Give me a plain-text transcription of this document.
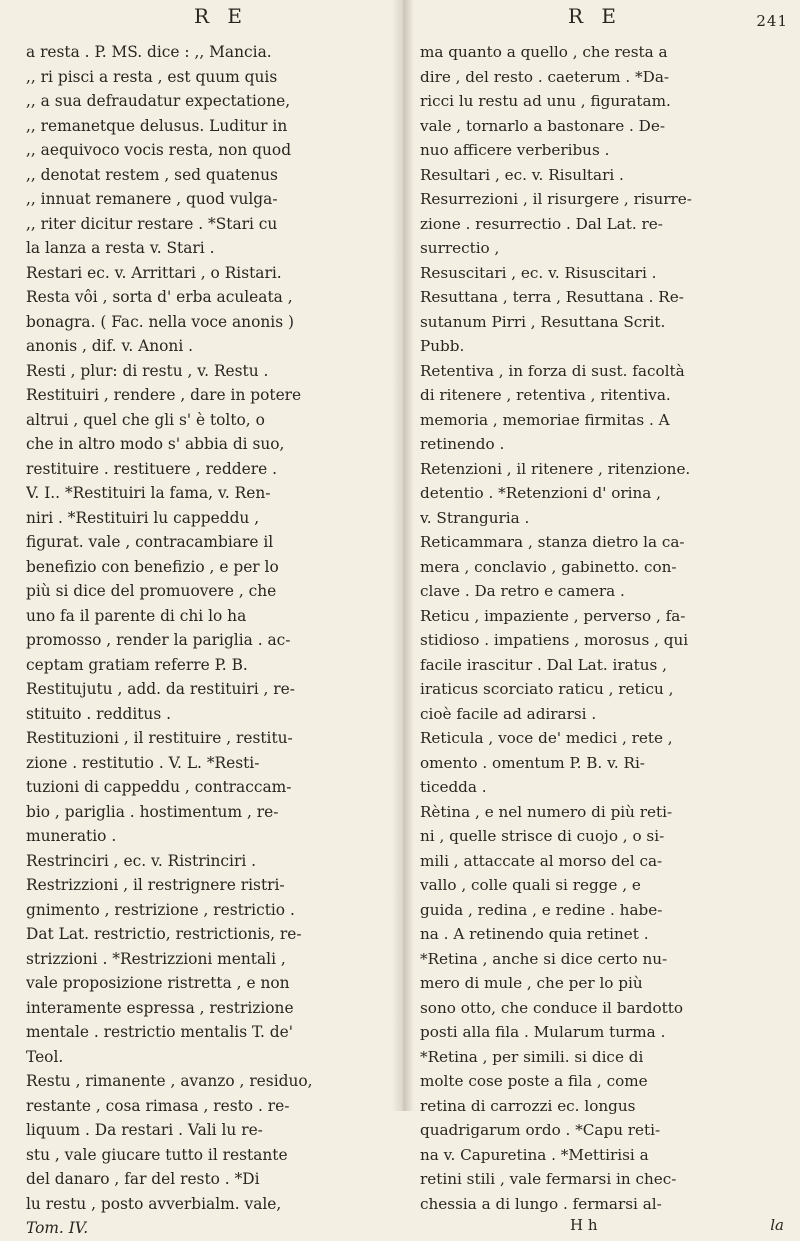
R E
a resta . P. MS. dice : ,, Mancia.
,, ri pisci a resta , est quum quis
,, a sua defraudatur expectatione,
,, remanetque delusus. Luditur in
,, aequivoco vocis resta, non quod
,, denotat restem , sed quatenus
,, innuat remanere , quod vulga-
,, riter dicitur restare . *Stari cu
la lanza a resta v. Stari .
Restari ec. v. Arrittari , o Ristari.
Resta vôi , sorta d' erba aculeata ,
bonagra. ( Fac. nella voce anonis )
anonis , dif. v. Anoni .
Resti , plur: di restu , v. Restu .
Restituiri , rendere , dare in potere
altrui , quel che gli s' è tolto, o
che in altro modo s' abbia di suo,
restituire . restituere , reddere .
V. I.. *Restituiri la fama, v. Ren-
niri . *Restituiri lu cappeddu ,
figurat. vale , contracambiare il
benefizio con benefizio , e per lo
più si dice del promuovere , che
uno fa il parente di chi lo ha
promosso , render la pariglia . ac-
ceptam gratiam referre P. B.
Restitujutu , add. da restituiri , re-
stituito . redditus .
Restituzioni , il restituire , restitu-
zione . restitutio . V. L. *Resti-
tuzioni di cappeddu , contraccam-
bio , pariglia . hostimentum , re-
muneratio .
Restrinciri , ec. v. Ristrinciri .
Restrizzioni , il restrignere ristri-
gnimento , restrizione , restrictio .
Dat Lat. restrictio, restrictionis, re-
strizzioni . *Restrizzioni mentali ,
vale proposizione ristretta , e non
interamente espressa , restrizione
mentale . restrictio mentalis T. de'
Teol.
Restu , rimanente , avanzo , residuo,
restante , cosa rimasa , resto . re-
liquum . Da restari . Vali lu re-
stu , vale giucare tutto il restante
del danaro , far del resto . *Di
lu restu , posto avverbialm. vale,
Tom. IV.
R E	241
ma quanto a quello , che resta a
dire , del resto . caeterum . *Da-
ricci lu restu ad unu , figuratam.
vale , tornarlo a bastonare . De-
nuo afficere verberibus .
Resultari , ec. v. Risultari .
Resurrezioni , il risurgere , risurre-
zione . resurrectio . Dal Lat. re-
surrectio ,
Resuscitari , ec. v. Risuscitari .
Resuttana , terra , Resuttana . Re-
sutanum Pirri , Resuttana Scrit.
Pubb.
Retentiva , in forza di sust. facoltà
di ritenere , retentiva , ritentiva.
memoria , memoriae firmitas . A
retinendo .
Retenzioni , il ritenere , ritenzione.
detentio . *Retenzioni d' orina ,
v. Stranguria .
Reticammara , stanza dietro la ca-
mera , conclavio , gabinetto. con-
clave . Da retro e camera .
Reticu , impaziente , perverso , fa-
stidioso . impatiens , morosus , qui
facile irascitur . Dal Lat. iratus ,
iraticus scorciato raticu , reticu ,
cioè facile ad adirarsi .
Reticula , voce de' medici , rete ,
omento . omentum P. B. v. Ri-
ticedda .
Rètina , e nel numero di più reti-
ni , quelle strisce di cuojo , o si-
mili , attaccate al morso del ca-
vallo , colle quali si regge , e
guida , redina , e redine . habe-
na . A retinendo quia retinet .
*Retina , anche si dice certo nu-
mero di mule , che per lo più
sono otto, che conduce il bardotto
posti alla fila . Mularum turma .
*Retina , per simili. si dice di
molte cose poste a fila , come
retina di carrozzi ec. longus
quadrigarum ordo . *Capu reti-
na v. Capuretina . *Mettirisi a
retini stili , vale fermarsi in chec-
chessia a di lungo . fermarsi al-
H h	la
